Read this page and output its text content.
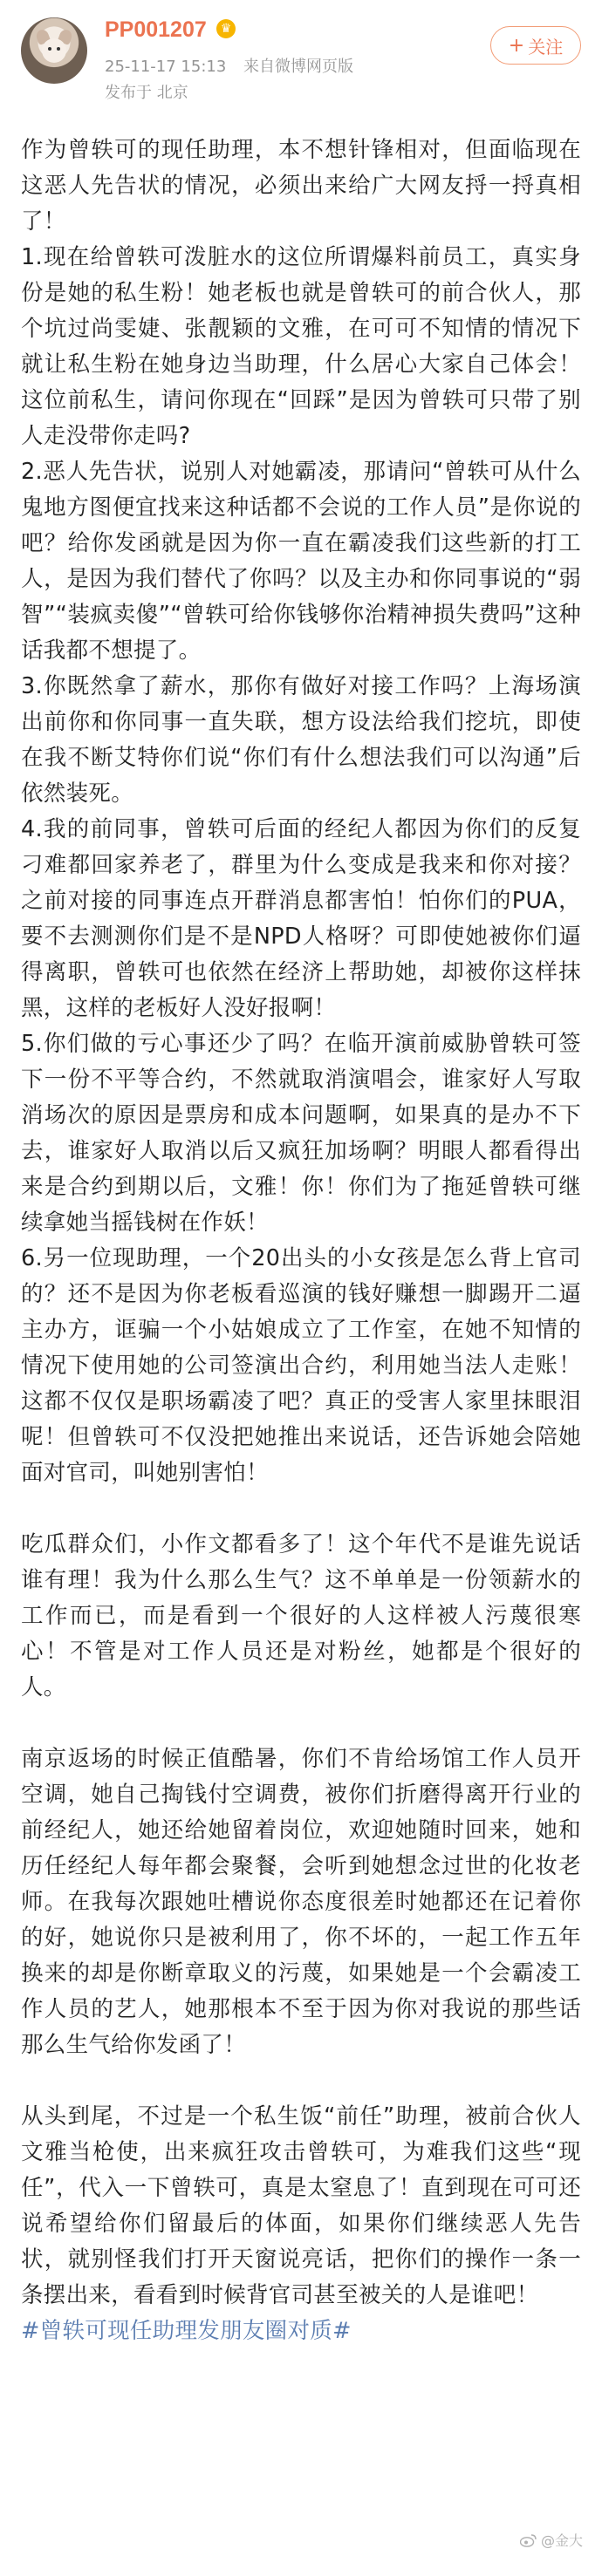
PP001207	♛
25-11-17 15:13 来自微博网页版
发布于 北京
+ 关注

作为曾轶可的现任助理，本不想针锋相对，但面临现在这恶人先告状的情况，必须出来给广大网友捋一捋真相了！

1.现在给曾轶可泼脏水的这位所谓爆料前员工，真实身份是她的私生粉！她老板也就是曾轶可的前合伙人，那个坑过尚雯婕、张靓颖的文雅，在可可不知情的情况下就让私生粉在她身边当助理，什么居心大家自己体会！这位前私生，请问你现在“回踩”是因为曾轶可只带了别人走没带你走吗?

2.恶人先告状，说别人对她霸凌，那请问“曾轶可从什么鬼地方图便宜找来这种话都不会说的工作人员”是你说的吧？给你发函就是因为你一直在霸凌我们这些新的打工人，是因为我们替代了你吗？以及主办和你同事说的“弱智”“装疯卖傻”“曾轶可给你钱够你治精神损失费吗”这种话我都不想提了。

3.你既然拿了薪水，那你有做好对接工作吗？上海场演出前你和你同事一直失联，想方设法给我们挖坑，即使在我不断艾特你们说“你们有什么想法我们可以沟通”后依然装死。

4.我的前同事，曾轶可后面的经纪人都因为你们的反复刁难都回家养老了，群里为什么变成是我来和你对接？之前对接的同事连点开群消息都害怕！怕你们的PUA，要不去测测你们是不是NPD人格呀？可即使她被你们逼得离职，曾轶可也依然在经济上帮助她，却被你这样抹黑，这样的老板好人没好报啊！

5.你们做的亏心事还少了吗？在临开演前威胁曾轶可签下一份不平等合约，不然就取消演唱会，谁家好人写取消场次的原因是票房和成本问题啊，如果真的是办不下去，谁家好人取消以后又疯狂加场啊？明眼人都看得出来是合约到期以后，文雅！你！你们为了拖延曾轶可继续拿她当摇钱树在作妖！

6.另一位现助理，一个20出头的小女孩是怎么背上官司的？还不是因为你老板看巡演的钱好赚想一脚踢开二逼主办方，诓骗一个小姑娘成立了工作室，在她不知情的情况下使用她的公司签演出合约，利用她当法人走账！这都不仅仅是职场霸凌了吧？真正的受害人家里抹眼泪呢！但曾轶可不仅没把她推出来说话，还告诉她会陪她面对官司，叫她别害怕！

吃瓜群众们，小作文都看多了！这个年代不是谁先说话谁有理！我为什么那么生气？这不单单是一份领薪水的工作而已，而是看到一个很好的人这样被人污蔑很寒心！不管是对工作人员还是对粉丝，她都是个很好的人。

南京返场的时候正值酷暑，你们不肯给场馆工作人员开空调，她自己掏钱付空调费，被你们折磨得离开行业的前经纪人，她还给她留着岗位，欢迎她随时回来，她和历任经纪人每年都会聚餐，会听到她想念过世的化妆老师。在我每次跟她吐槽说你态度很差时她都还在记着你的好，她说你只是被利用了，你不坏的，一起工作五年换来的却是你断章取义的污蔑，如果她是一个会霸凌工作人员的艺人，她那根本不至于因为你对我说的那些话那么生气给你发函了！

从头到尾，不过是一个私生饭“前任”助理，被前合伙人文雅当枪使，出来疯狂攻击曾轶可，为难我们这些“现任”，代入一下曾轶可，真是太窒息了！直到现在可可还说希望给你们留最后的体面，如果你们继续恶人先告状，就别怪我们打开天窗说亮话，把你们的操作一条一条摆出来，看看到时候背官司甚至被关的人是谁吧！

#曾轶可现任助理发朋友圈对质#

@金大
